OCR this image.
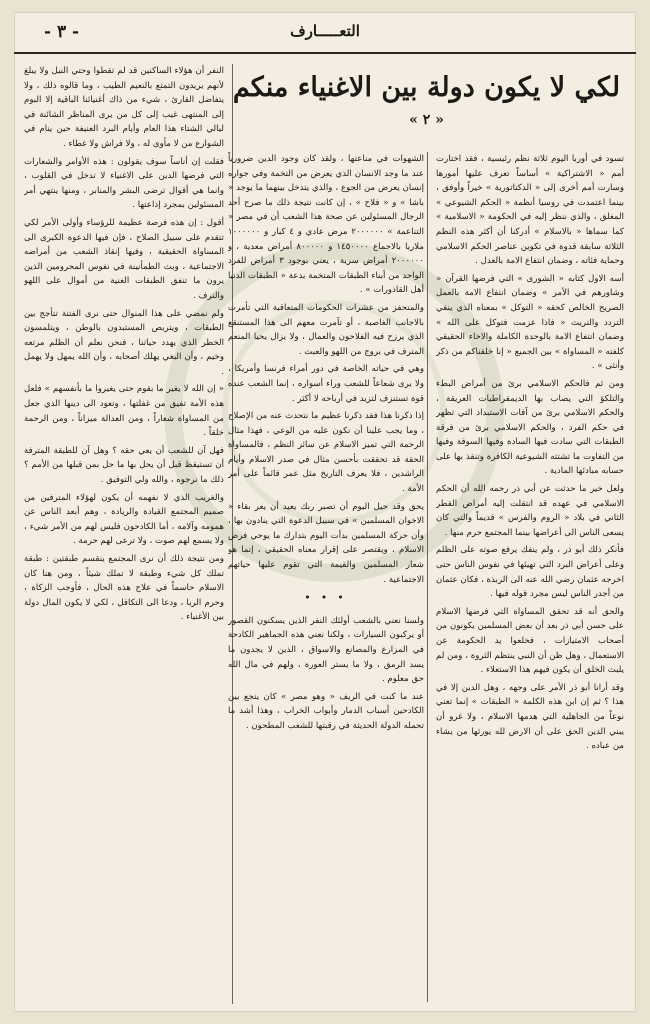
- ٣ -	التعـــــارف
لكي لا يكون دولة بين الاغنياء منكم
« ٢ »

تسود في أوربا اليوم ثلاثة نظم رئيسية ، فقد اختارت أمم « الاشتراكية » أساساً تعرف عليها أمورها وسارت أمم أخرى إلى « الدكتاتورية » خيراً وأوفق ، بينما اعتمدت في روسيا أنظمة « الحكم الشيوعي » المغلق ، والذي ننظر إليه في الحكومة « الاسلامية » كما سماها « بالاسلام » أدركنا أن أكثر هذه النظم الثلاثة سابقة قدوة في تكوين عناصر الحكم الاسلامي وحماية فئاته ، وضمان انتفاع الامة بالعدل .

أسه الاول كتابه « الشورى » التي فرضها القرآن « وشاورهم في الأمر » وضمان انتفاع الامة بالعمل الصريح الخالص كحقه « التوكل » بمعناه الذي ينفي التردد والتريث « فاذا عزمت فتوكل على الله » وضمان انتفاع الامة بالوحدة الكاملة والاخاء الحقيقي كلفته « المساواة » بين الجميع « إنا خلقناكم من ذكر وأنثى » .

ومن ثم فالحكم الاسلامي برئ من أمراض البطء والتلكؤ التي يصاب بها الديمقراطيات العريقة ، والحكم الاسلامي برئ من آفات الاستبداد التي تظهر في حكم الفرد ، والحكم الاسلامي برئ من فرقة الطبقات التي سادت فيها السادة وفيها السوقة وفيها من التفاوت ما تشتته الشيوعية الكافرة وتنقذ بها على حسابه مبادئها المادية .

ولعل خير ما حدثت عن أبي ذر رحمه الله أن الحكم الاسلامي في عهده قد انتقلت إليه أمراض القطر الثاني في بلاد « الروم والفرس » قديماً والتي كان يسعى الناس الى أعراضها بينما المجتمع حرم منها .

فأنكر ذلك أبو ذر ، ولم ينفك يرفع صوته على الظلم وعلى أعراض البرد التي تهيئها في نفوس الناس حتى اخرجه عثمان رضي الله عنه الى الربذة ، فكان عثمان من أجدر الناس ليس مجرد قوله فيها .

والحق أنه قد تحقق المساواة التي فرضها الاسلام على حسن أبي ذر بعد أن بعض المسلمين يكونون من أصحاب الامتيازات ، فخلعوا يد الحكومة عن الاستعمال ، وهل ظن أن النبي ينتظم الثروة ، ومن لم يلبث الخلق أن يكون فيهم هذا الاستعلاء .

وقد أرانا أبو ذر الأمر على وجهه ، وهل الدين إلا في هذا ؟ ثم إن ابن هذه الكلمة « الطبقات » إنما تعني نوعاً من الجاهلية التي هدمها الاسلام ، ولا غرو أن يبني الدين الحق على أن الارض لله يورثها من يشاء من عباده .

الشهوات في مناعتها ، ولقد كان وجود الدين ضرورياً عند ما وجد الانسان الذي يعرض من التخمة وفي جواره إنسان يعرض من الجوع ، والذي يتدخل بينهما ما يوجد « باشا » و « فلاح » ، إن كانت نتيجة ذلك ما صرح أحد الرجال المسئولين عن صحة هذا الشعب أن في مصر « التناعمة » ٢٠٠٠٠٠٠ مرض عادي و ٤ كبار و ١٠٠٠٠٠٠ ملاريا بالاجماع ١٤٥٠٠٠٠ و ٨٠٠٠٠٠ أمراض معدية ، و ٢٠٠٠٠٠٠ أمراض سرية ، يعني بوجود ٣ أمراض للفرد الواحد من أبناء الطبقات المتخمة بدعة « الطبقات الدنيا أهل القاذورات » .

والمتحفز من عشرات الحكومات المتعاقبة التي تأمرت بالاجانب الغاصبة ، أو تآمرت معهم الى هذا المستنقع الذي يرزح فيه الفلاحون والعمال ، ولا يزال يحيا المنعم المترف في بروج من اللهو والعبث .

وهي في حياته الخاصة في دور أمراء فرنسا وأمريكا ، ولا يرى شعاعاً للشعب وراء أسواره ، إنما الشعب عنده قوة تستنزف لتزيد في أرباحه لا أكثر .

إذا ذكرنا هذا فقد ذكرنا عظيم ما نتحدث عنه من الإصلاح ، وما يجب علينا أن نكون عليه من الوعي ، فهذا مثال الرحمة التي تميز الاسلام عن سائر النظم ، فالمساواة الحقة قد تحققت بأحسن مثال في صدر الاسلام وأيام الراشدين ، فلا يعرف التاريخ مثل عمر قائماً على أمر الأمة .

يحق وقد حيل اليوم أن تصبر ربك يعيد أن يعر بقاء « الاخوان المسلمين » في سبيل الدعوة التي ينادون بها ، وأن حركة المسلمين بدأت اليوم بتدارك ما يوحي فرض الاسلام ، ويقتصر على إقرار معناه الحقيقي ، إنما هو شعار المسلمين والقيمة التي تقوم عليها حياتهم الاجتماعية .

• • •

ولسنا نعني بالشعب أولئك النفر الذين يسكنون القصور أو يركبون السيارات ، ولكنا نعني هذه الجماهير الكادحة في المزارع والمصانع والاسواق ، الذين لا يجدون ما يسد الرمق ، ولا ما يستر العورة ، ولهم في مال الله حق معلوم .

عند ما كنت في الريف « وهو مصر » كان ينجع بين الكادحين أسباب الدمار وأبواب الخراب ، وهذا أشد ما تحمله الدولة الحديثة في رقبتها للشعب المطحون .

النفر أن هؤلاء الساكنين قد لم تقطوا وحتي النيل ولا يبلغ لأنهم يريدون التمتع بالنعيم الطيب ، وما قالوه ذلك ، ولا يتفاضل القارئ ، شيء من ذاك أغنيائنا الباقية إلا البوم إلى المنتهى غيب إلى كل من يرى المناظر الشائنة في ليالي الشتاء هذا العام وأيام البرد العنيفة حين ينام في الشوارع من لا مأوى له ، ولا فراش ولا غطاء .

فقلت إن أناساً سوف يقولون : هذه الأوامر والشعارات التي فرضها الدين على الاغنياء لا تدخل في القلوب ، وانما هي أقوال ترضى البشر والمنابر ، ومنها ينتهي أمر المسئولين بمجرد إذاعتها .

أقول : إن هذه فرصة عظيمة للرؤساء وأولى الأمر لكي تتقدم على سبيل الصلاح ، فإن فيها الدعوة الكبرى الى المساواة الحقيقية ، وفيها إنقاذ الشعب من أمراضه الاجتماعية ، وبث الطمأنينة في نفوس المحرومين الذين يرون ما تنفق الطبقات الغنية من أموال على اللهو والترف .

ولم نمضي على هذا المنوال حتى نرى الفتنة تتأجج بين الطبقات ، ويتربص المستبدون بالوطن ، ويتلمسون الخطر الذي يهدد حياتنا ، فنحن نعلم أن الظلم مرتعه وخيم ، وأن البغي يهلك أصحابه ، وأن الله يمهل ولا يهمل .

« إن الله لا يغير ما بقوم حتى يغيروا ما بأنفسهم » فلعل هذه الأمة تفيق من غفلتها ، وتعود الى دينها الذي جعل من المساواة شعاراً ، ومن العدالة ميزاناً ، ومن الرحمة خلقاً .

فهل آن للشعب أن يعي حقه ؟ وهل آن للطبقة المترفة أن تستيقظ قبل أن يحل بها ما حل بمن قبلها من الأمم ؟ ذلك ما نرجوه ، والله ولي التوفيق .

والغريب الذي لا نفهمه أن يكون لهؤلاء المترفين من صميم المجتمع القيادة والريادة ، وهم أبعد الناس عن همومه وآلامه ، أما الكادحون فليس لهم من الأمر شيء ، ولا يسمع لهم صوت ، ولا ترعى لهم حرمة .

ومن نتيجة ذلك أن نرى المجتمع ينقسم طبقتين : طبقة تملك كل شيء وطبقة لا تملك شيئاً ، ومن هنا كان الاسلام حاسماً في علاج هذه الحال ، فأوجب الزكاة ، وحرم الربا ، ودعا الى التكافل ، لكي لا يكون المال دولة بين الأغنياء .
